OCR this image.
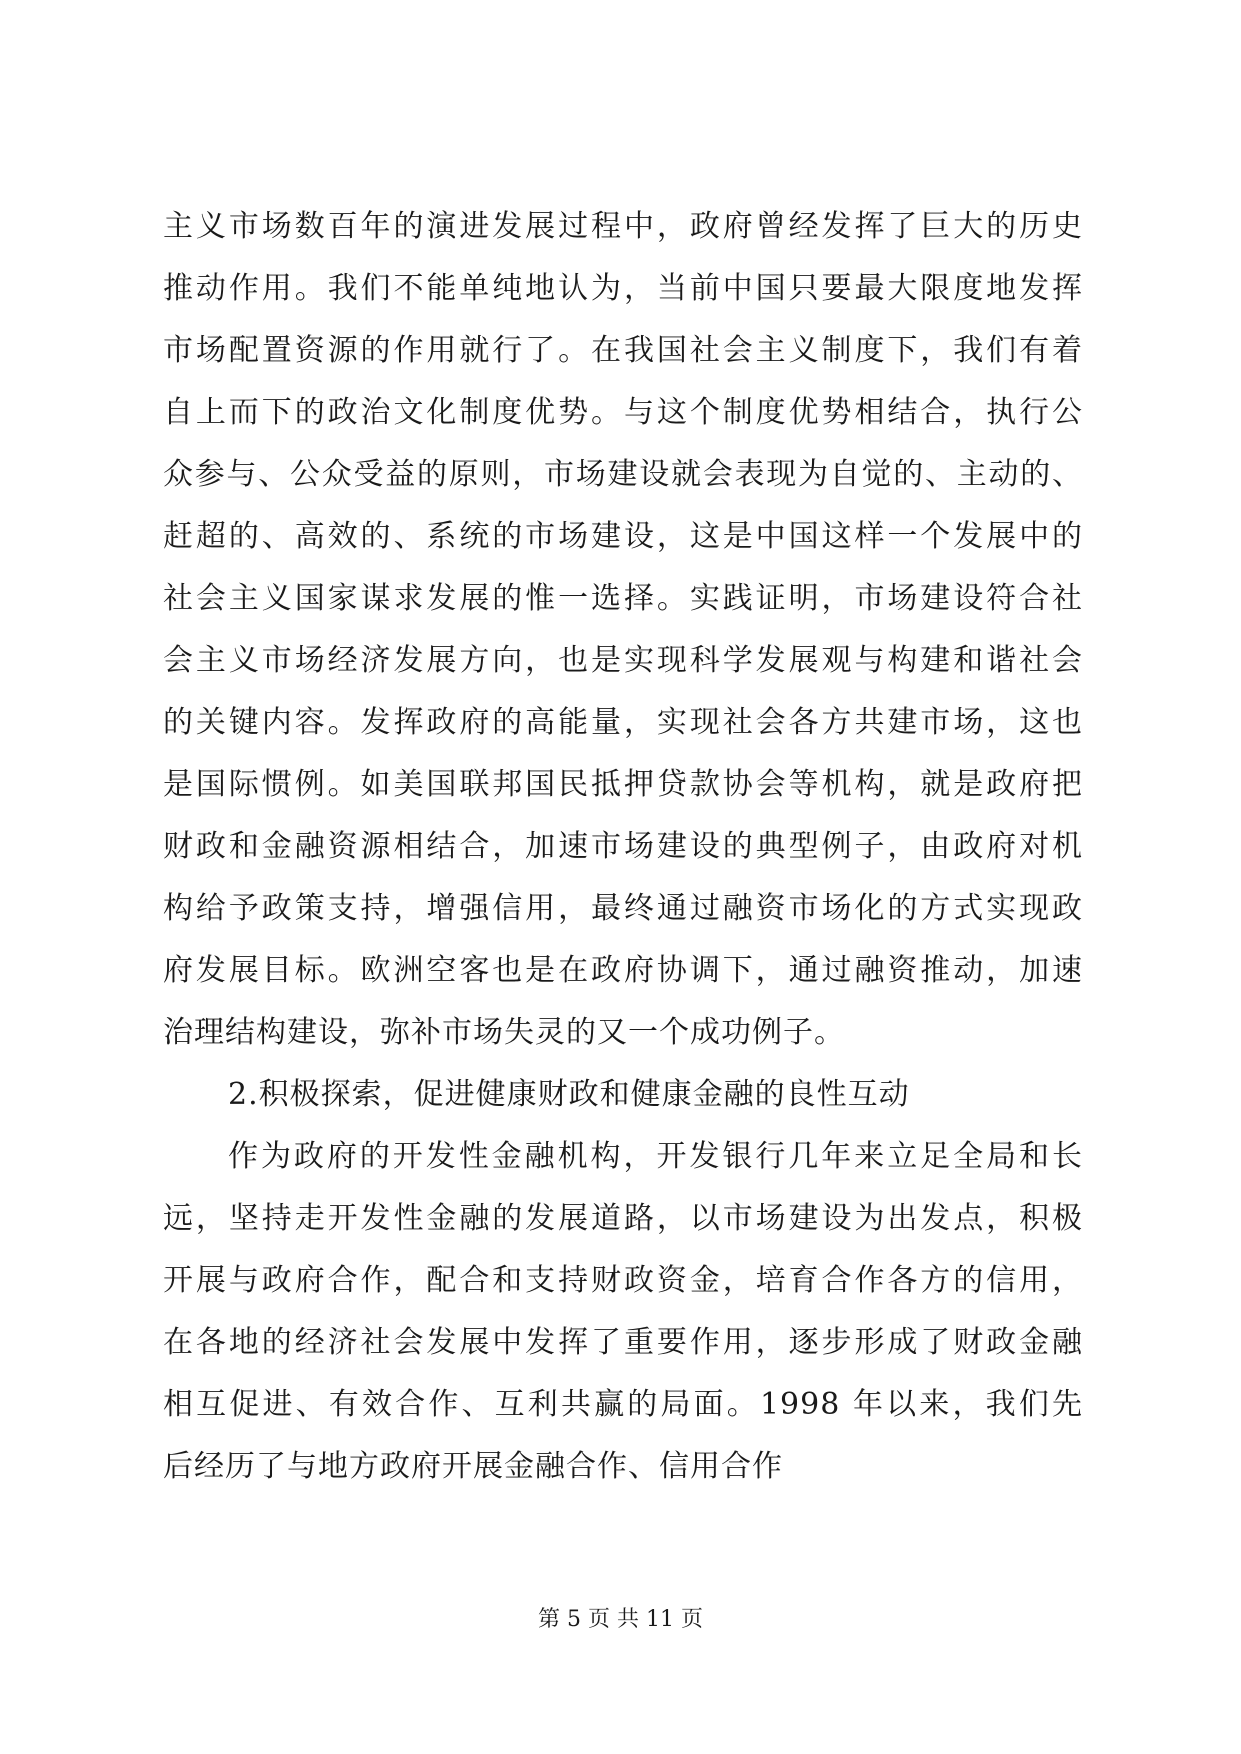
主义市场数百年的演进发展过程中，政府曾经发挥了巨大的历史
推动作用。我们不能单纯地认为，当前中国只要最大限度地发挥
市场配置资源的作用就行了。在我国社会主义制度下，我们有着
自上而下的政治文化制度优势。与这个制度优势相结合，执行公
众参与、公众受益的原则，市场建设就会表现为自觉的、主动的、
赶超的、高效的、系统的市场建设，这是中国这样一个发展中的
社会主义国家谋求发展的惟一选择。实践证明，市场建设符合社
会主义市场经济发展方向，也是实现科学发展观与构建和谐社会
的关键内容。发挥政府的高能量，实现社会各方共建市场，这也
是国际惯例。如美国联邦国民抵押贷款协会等机构，就是政府把
财政和金融资源相结合，加速市场建设的典型例子，由政府对机
构给予政策支持，增强信用，最终通过融资市场化的方式实现政
府发展目标。欧洲空客也是在政府协调下，通过融资推动，加速
治理结构建设，弥补市场失灵的又一个成功例子。
2.积极探索，促进健康财政和健康金融的良性互动
作为政府的开发性金融机构，开发银行几年来立足全局和长
远，坚持走开发性金融的发展道路，以市场建设为出发点，积极
开展与政府合作，配合和支持财政资金，培育合作各方的信用，
在各地的经济社会发展中发挥了重要作用，逐步形成了财政金融
相互促进、有效合作、互利共赢的局面。1998 年以来，我们先
后经历了与地方政府开展金融合作、信用合作
第 5 页 共 11 页
